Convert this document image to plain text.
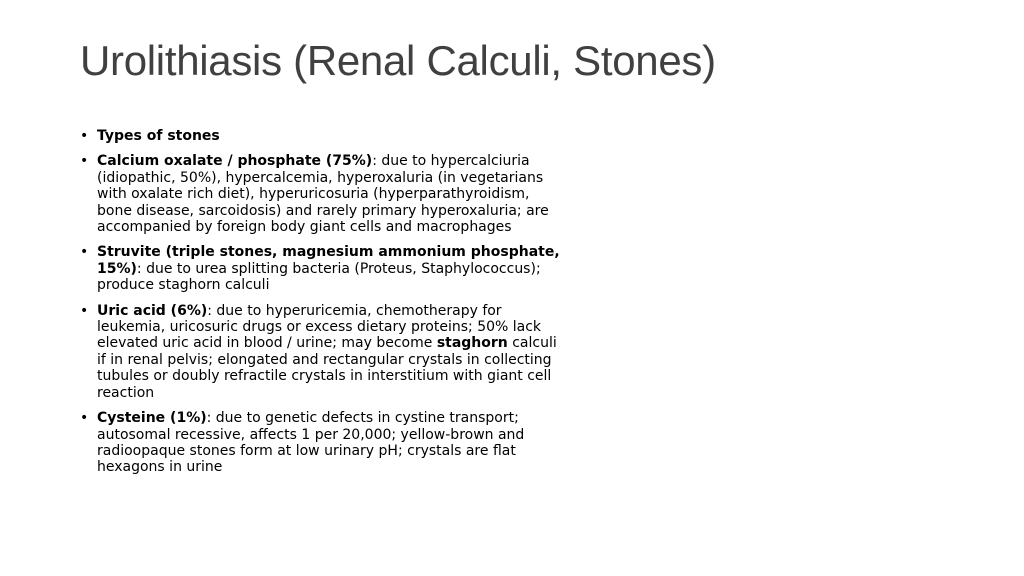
Urolithiasis (Renal Calculi, Stones)
• Types of stones
• Calcium oxalate / phosphate (75%): due to hypercalciuria (idiopathic, 50%), hypercalcemia, hyperoxaluria (in vegetarians with oxalate rich diet), hyperuricosuria (hyperparathyroidism, bone disease, sarcoidosis) and rarely primary hyperoxaluria; are accompanied by foreign body giant cells and macrophages
• Struvite (triple stones, magnesium ammonium phosphate, 15%): due to urea splitting bacteria (Proteus, Staphylococcus); produce staghorn calculi
• Uric acid (6%): due to hyperuricemia, chemotherapy for leukemia, uricosuric drugs or excess dietary proteins; 50% lack elevated uric acid in blood / urine; may become staghorn calculi if in renal pelvis; elongated and rectangular crystals in collecting tubules or doubly refractile crystals in interstitium with giant cell reaction
• Cysteine (1%): due to genetic defects in cystine transport; autosomal recessive, affects 1 per 20,000; yellow-brown and radioopaque stones form at low urinary pH; crystals are flat hexagons in urine
